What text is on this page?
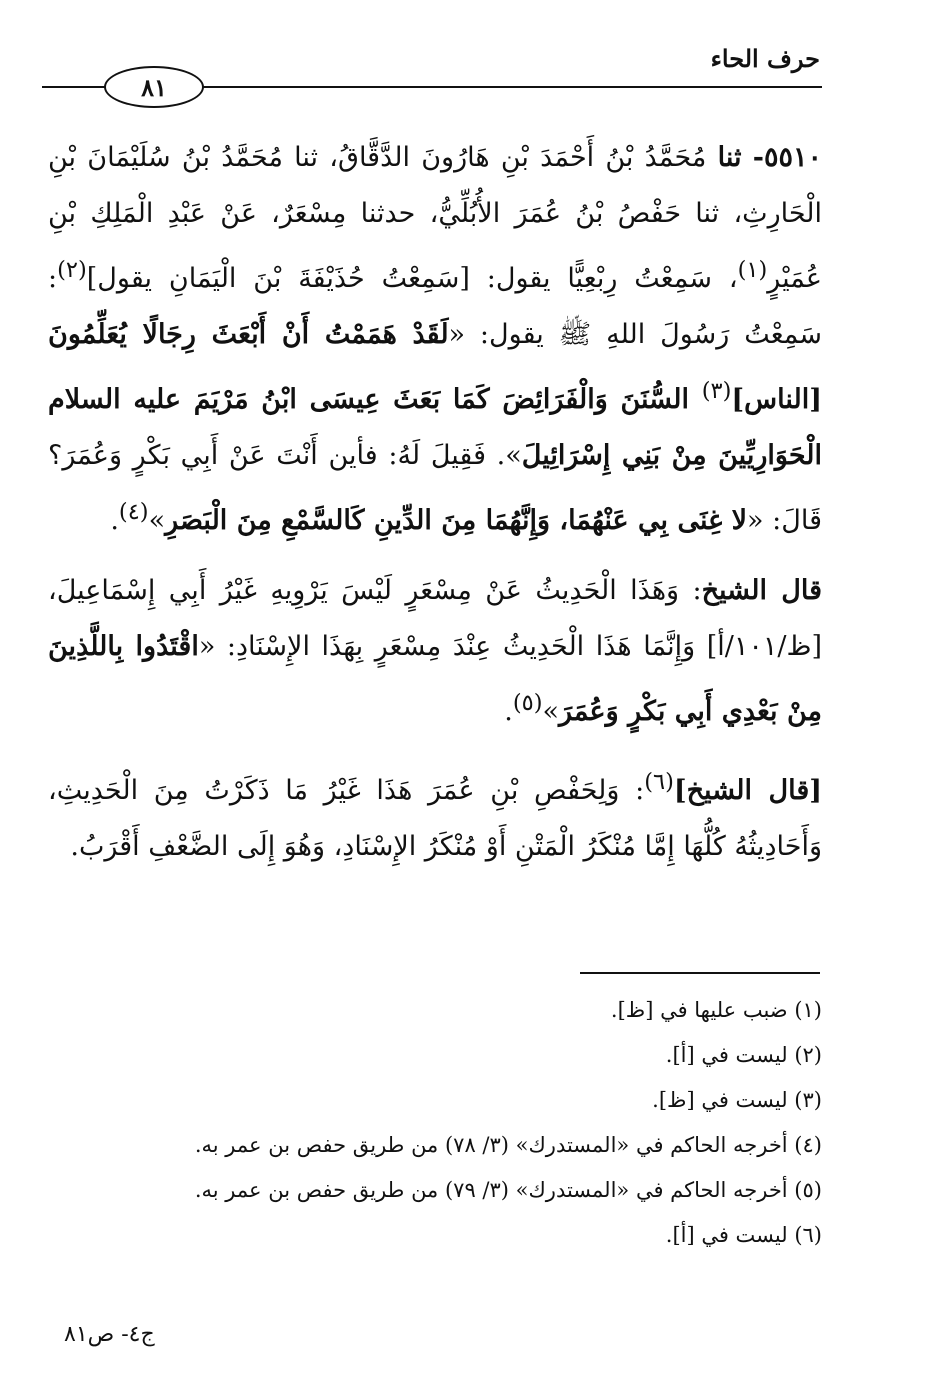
حرف الحاء
٨١

٥٥١٠- ثنا مُحَمَّدُ بْنُ أَحْمَدَ بْنِ هَارُونَ الدَّقَّاقُ، ثنا مُحَمَّدُ بْنُ سُلَيْمَانَ بْنِ الْحَارِثِ، ثنا حَفْصُ بْنُ عُمَرَ الأُبُلِّيُّ، حدثنا مِسْعَرٌ، عَنْ عَبْدِ الْمَلِكِ بْنِ عُمَيْرٍ$^{(١)}$، سَمِعْتُ رِبْعِيًّا يقول: [سَمِعْتُ حُذَيْفَةَ بْنَ الْيَمَانِ يقول]$^{(٢)}$: سَمِعْتُ رَسُولَ اللهِ ﷺ يقول: «لَقَدْ هَمَمْتُ أَنْ أَبْعَثَ رِجَالًا يُعَلِّمُونَ [الناس]$^{(٣)}$ السُّنَنَ وَالْفَرَائِضَ كَمَا بَعَثَ عِيسَى ابْنُ مَرْيَمَ عليه السلام الْحَوَارِيِّينَ مِنْ بَنِي إِسْرَائِيلَ». فَقِيلَ لَهُ: فأين أَنْتَ عَنْ أَبِي بَكْرٍ وَعُمَرَ؟ قَالَ: «لا غِنَى بِي عَنْهُمَا، وَإِنَّهُمَا مِنَ الدِّينِ كَالسَّمْعِ مِنَ الْبَصَرِ»$^{(٤)}$.

قال الشيخ: وَهَذَا الْحَدِيثُ عَنْ مِسْعَرٍ لَيْسَ يَرْوِيهِ غَيْرُ أَبِي إِسْمَاعِيلَ، [ظ/١٠١/أ] وَإِنَّمَا هَذَا الْحَدِيثُ عِنْدَ مِسْعَرٍ بِهَذَا الإِسْنَادِ: «اقْتَدُوا بِاللَّذِينَ مِنْ بَعْدِي أَبِي بَكْرٍ وَعُمَرَ»$^{(٥)}$.

[قال الشيخ]$^{(٦)}$: وَلِحَفْصِ بْنِ عُمَرَ هَذَا غَيْرُ مَا ذَكَرْتُ مِنَ الْحَدِيثِ، وَأَحَادِيثُهُ كُلُّهَا إِمَّا مُنْكَرُ الْمَتْنِ أَوْ مُنْكَرُ الإِسْنَادِ، وَهُوَ إِلَى الضَّعْفِ أَقْرَبُ.

(١) ضبب عليها في [ظ].

(٢) ليست في [أ].

(٣) ليست في [ظ].

(٤) أخرجه الحاكم في «المستدرك» (٣/ ٧٨) من طريق حفص بن عمر به.

(٥) أخرجه الحاكم في «المستدرك» (٣/ ٧٩) من طريق حفص بن عمر به.

(٦) ليست في [أ].

ج٤- ص٨١
